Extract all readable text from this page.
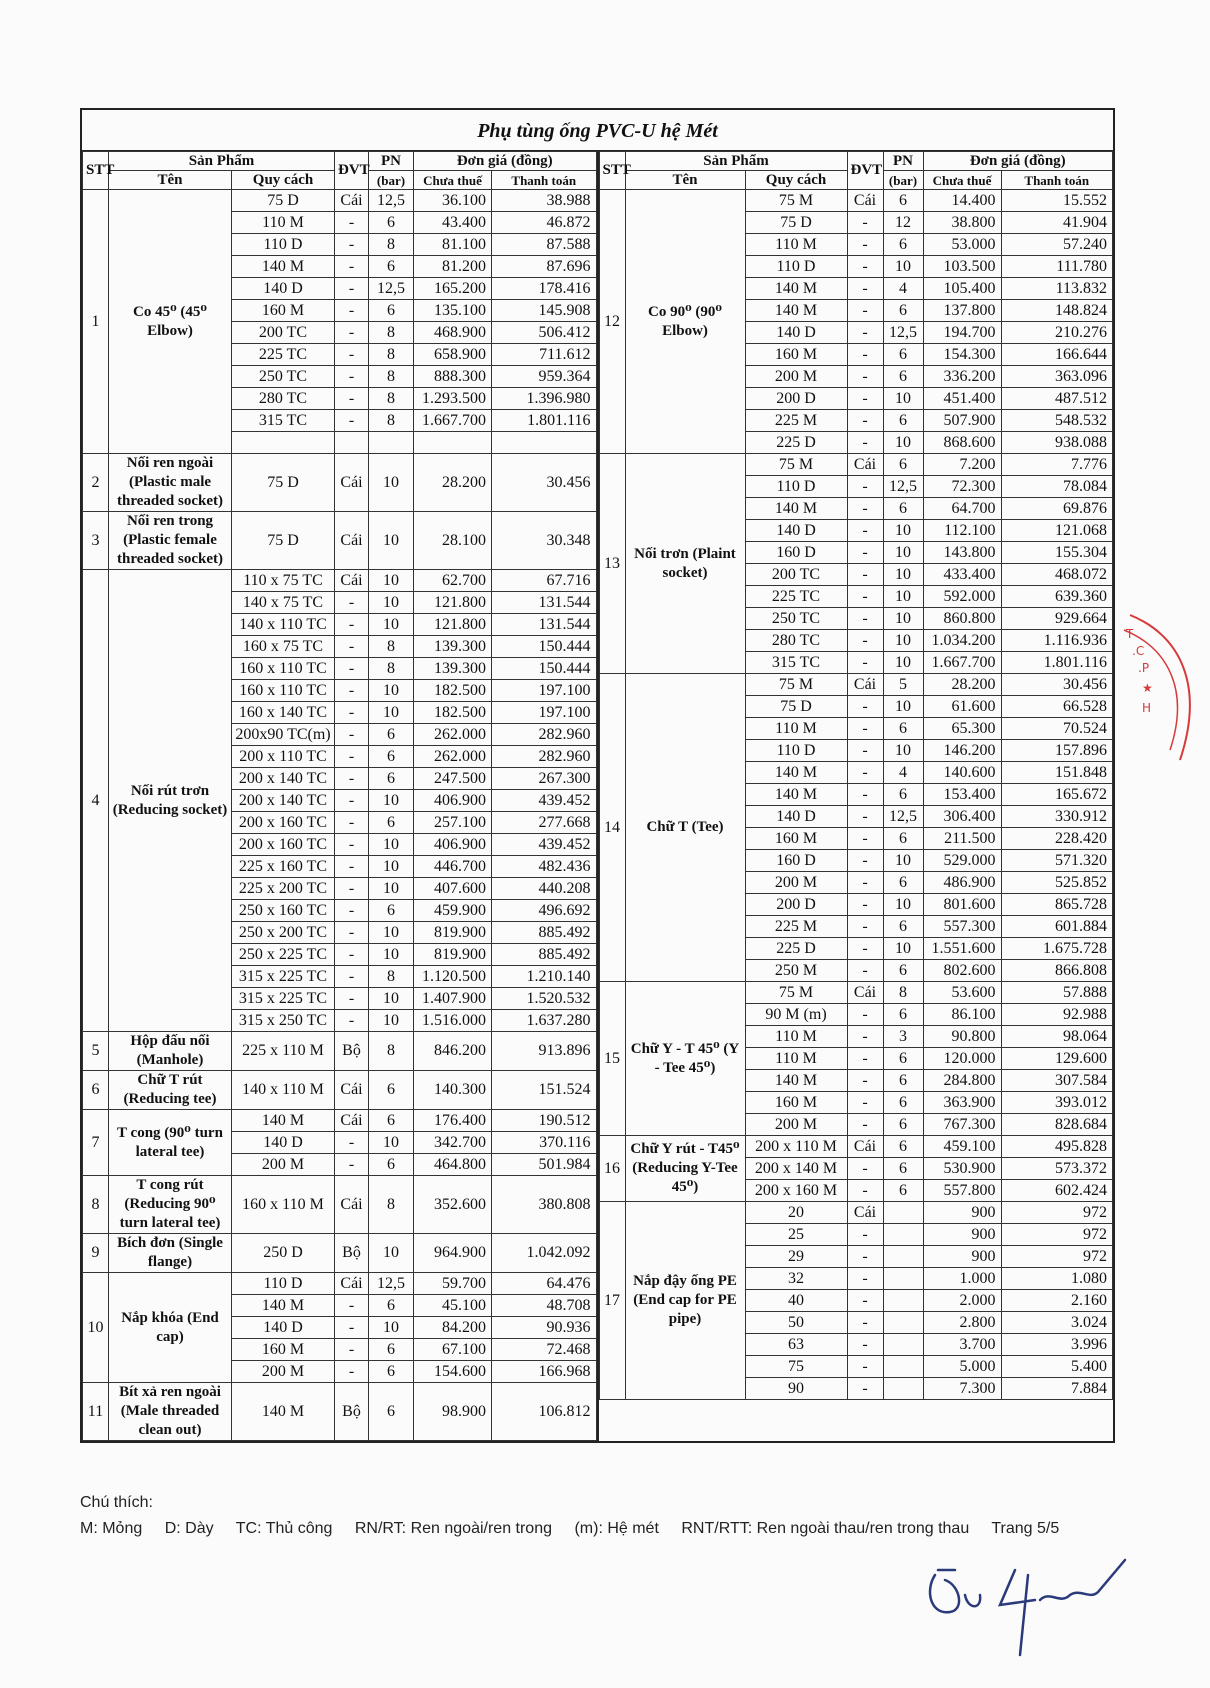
Phụ tùng ống PVC-U hệ Mét
STT	Sản Phẩm		ĐVT	PN	Đơn giá (đồng)	
	Tên	Quy cách		(bar)	Chưa thuế	Thanh toán
1	Co 45⁰ (45⁰ Elbow)	75 D	Cái	12,5	36.100	38.988
		110 M	-	6	43.400	46.872
		110 D	-	8	81.100	87.588
		140 M	-	6	81.200	87.696
		140 D	-	12,5	165.200	178.416
		160 M	-	6	135.100	145.908
		200 TC	-	8	468.900	506.412
		225 TC	-	8	658.900	711.612
		250 TC	-	8	888.300	959.364
		280 TC	-	8	1.293.500	1.396.980
		315 TC	-	8	1.667.700	1.801.116

2	Nối ren ngoài (Plastic male threaded socket)	75 D	Cái	10	28.200	30.456
3	Nối ren trong (Plastic female threaded socket)	75 D	Cái	10	28.100	30.348
4	Nối rút trơn (Reducing socket)	110 x 75 TC	Cái	10	62.700	67.716
		140 x 75 TC	-	10	121.800	131.544
		140 x 110 TC	-	10	121.800	131.544
		160 x 75 TC	-	8	139.300	150.444
		160 x 110 TC	-	8	139.300	150.444
		160 x 110 TC	-	10	182.500	197.100
		160 x 140 TC	-	10	182.500	197.100
		200x90 TC(m)	-	6	262.000	282.960
		200 x 110 TC	-	6	262.000	282.960
		200 x 140 TC	-	6	247.500	267.300
		200 x 140 TC	-	10	406.900	439.452
		200 x 160 TC	-	6	257.100	277.668
		200 x 160 TC	-	10	406.900	439.452
		225 x 160 TC	-	10	446.700	482.436
		225 x 200 TC	-	10	407.600	440.208
		250 x 160 TC	-	6	459.900	496.692
		250 x 200 TC	-	10	819.900	885.492
		250 x 225 TC	-	10	819.900	885.492
		315 x 225 TC	-	8	1.120.500	1.210.140
		315 x 225 TC	-	10	1.407.900	1.520.532
		315 x 250 TC	-	10	1.516.000	1.637.280
5	Hộp đấu nối (Manhole)	225 x 110 M	Bộ	8	846.200	913.896
6	Chữ T rút (Reducing tee)	140 x 110 M	Cái	6	140.300	151.524
7	T cong (90⁰ turn lateral tee)	140 M	Cái	6	176.400	190.512
		140 D	-	10	342.700	370.116
		200 M	-	6	464.800	501.984
8	T cong rút (Reducing 90⁰ turn lateral tee)	160 x 110 M	Cái	8	352.600	380.808
9	Bích đơn (Single flange)	250 D	Bộ	10	964.900	1.042.092
10	Nắp khóa (End cap)	110 D	Cái	12,5	59.700	64.476
		140 M	-	6	45.100	48.708
		140 D	-	10	84.200	90.936
		160 M	-	6	67.100	72.468
		200 M	-	6	154.600	166.968
11	Bít xả ren ngoài (Male threaded clean out)	140 M	Bộ	6	98.900	106.812
STT	Sản Phẩm		ĐVT	PN	Đơn giá (đồng)	
	Tên	Quy cách		(bar)	Chưa thuế	Thanh toán
12	Co 90⁰ (90⁰ Elbow)	75 M	Cái	6	14.400	15.552
		75 D	-	12	38.800	41.904
		110 M	-	6	53.000	57.240
		110 D	-	10	103.500	111.780
		140 M	-	4	105.400	113.832
		140 M	-	6	137.800	148.824
		140 D	-	12,5	194.700	210.276
		160 M	-	6	154.300	166.644
		200 M	-	6	336.200	363.096
		200 D	-	10	451.400	487.512
		225 M	-	6	507.900	548.532
		225 D	-	10	868.600	938.088
13	Nối trơn (Plaint socket)	75 M	Cái	6	7.200	7.776
		110 D	-	12,5	72.300	78.084
		140 M	-	6	64.700	69.876
		140 D	-	10	112.100	121.068
		160 D	-	10	143.800	155.304
		200 TC	-	10	433.400	468.072
		225 TC	-	10	592.000	639.360
		250 TC	-	10	860.800	929.664
		280 TC	-	10	1.034.200	1.116.936
		315 TC	-	10	1.667.700	1.801.116
14	Chữ T (Tee)	75 M	Cái	5	28.200	30.456
		75 D	-	10	61.600	66.528
		110 M	-	6	65.300	70.524
		110 D	-	10	146.200	157.896
		140 M	-	4	140.600	151.848
		140 M	-	6	153.400	165.672
		140 D	-	12,5	306.400	330.912
		160 M	-	6	211.500	228.420
		160 D	-	10	529.000	571.320
		200 M	-	6	486.900	525.852
		200 D	-	10	801.600	865.728
		225 M	-	6	557.300	601.884
		225 D	-	10	1.551.600	1.675.728
		250 M	-	6	802.600	866.808
15	Chữ Y - T 45⁰ (Y - Tee 45⁰)	75 M	Cái	8	53.600	57.888
		90 M (m)	-	6	86.100	92.988
		110 M	-	3	90.800	98.064
		110 M	-	6	120.000	129.600
		140 M	-	6	284.800	307.584
		160 M	-	6	363.900	393.012
		200 M	-	6	767.300	828.684
16	Chữ Y rút - T45⁰ (Reducing Y-Tee 45⁰)	200 x 110 M	Cái	6	459.100	495.828
		200 x 140 M	-	6	530.900	573.372
		200 x 160 M	-	6	557.800	602.424
17	Nắp đậy ống PE (End cap for PE pipe)	20	Cái		900	972
		25	-		900	972
		29	-		900	972
		32	-		1.000	1.080
		40	-		2.000	2.160
		50	-		2.800	3.024
		63	-		3.700	3.996
		75	-		5.000	5.400
		90	-		7.300	7.884
Chú thích:
M: Mỏng D: Dày TC: Thủ công RN/RT: Ren ngoài/ren trong (m): Hệ mét RNT/RTT: Ren ngoài thau/ren trong thau Trang 5/5
T
.C
.P
★
H
